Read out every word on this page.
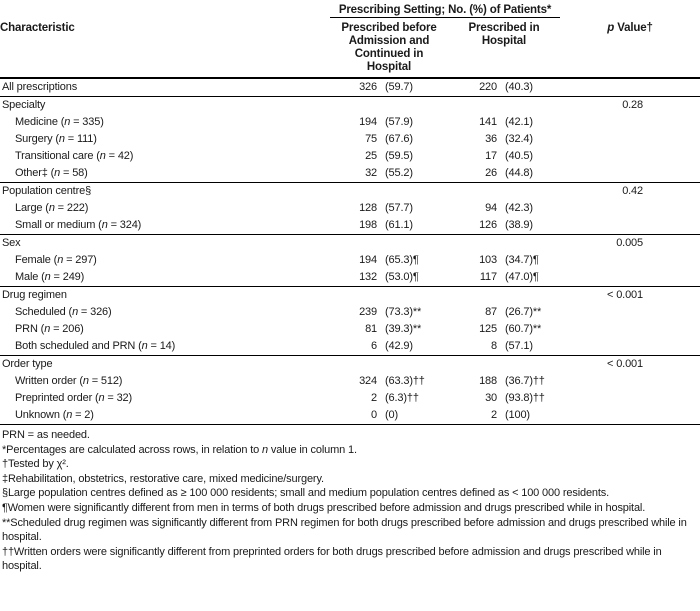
	Prescribing Setting; No. (%) of Patients*				
Characteristic	Prescribed before Admission and Continued in Hospital		Prescribed in Hospital		p Value†
All prescriptions	326	(59.7)	220	(40.3)	
Specialty					0.28
Medicine (n = 335)	194	(57.9)	141	(42.1)	
Surgery (n = 111)	75	(67.6)	36	(32.4)	
Transitional care (n = 42)	25	(59.5)	17	(40.5)	
Other‡ (n = 58)	32	(55.2)	26	(44.8)	
Population centre§					0.42
Large (n = 222)	128	(57.7)	94	(42.3)	
Small or medium (n = 324)	198	(61.1)	126	(38.9)	
Sex					0.005
Female (n = 297)	194	(65.3)¶	103	(34.7)¶	
Male (n = 249)	132	(53.0)¶	117	(47.0)¶	
Drug regimen					< 0.001
Scheduled (n = 326)	239	(73.3)**	87	(26.7)**	
PRN (n = 206)	81	(39.3)**	125	(60.7)**	
Both scheduled and PRN (n = 14)	6	(42.9)	8	(57.1)	
Order type					< 0.001
Written order (n = 512)	324	(63.3)††	188	(36.7)††	
Preprinted order (n = 32)	2	(6.3)††	30	(93.8)††	
Unknown (n = 2)	0	(0)	2	(100)	
PRN = as needed.
*Percentages are calculated across rows, in relation to n value in column 1.
†Tested by χ².
‡Rehabilitation, obstetrics, restorative care, mixed medicine/surgery.
§Large population centres defined as ≥ 100 000 residents; small and medium population centres defined as < 100 000 residents.
¶Women were significantly different from men in terms of both drugs prescribed before admission and drugs prescribed while in hospital.
**Scheduled drug regimen was significantly different from PRN regimen for both drugs prescribed before admission and drugs prescribed while in hospital.
††Written orders were significantly different from preprinted orders for both drugs prescribed before admission and drugs prescribed while in hospital.
